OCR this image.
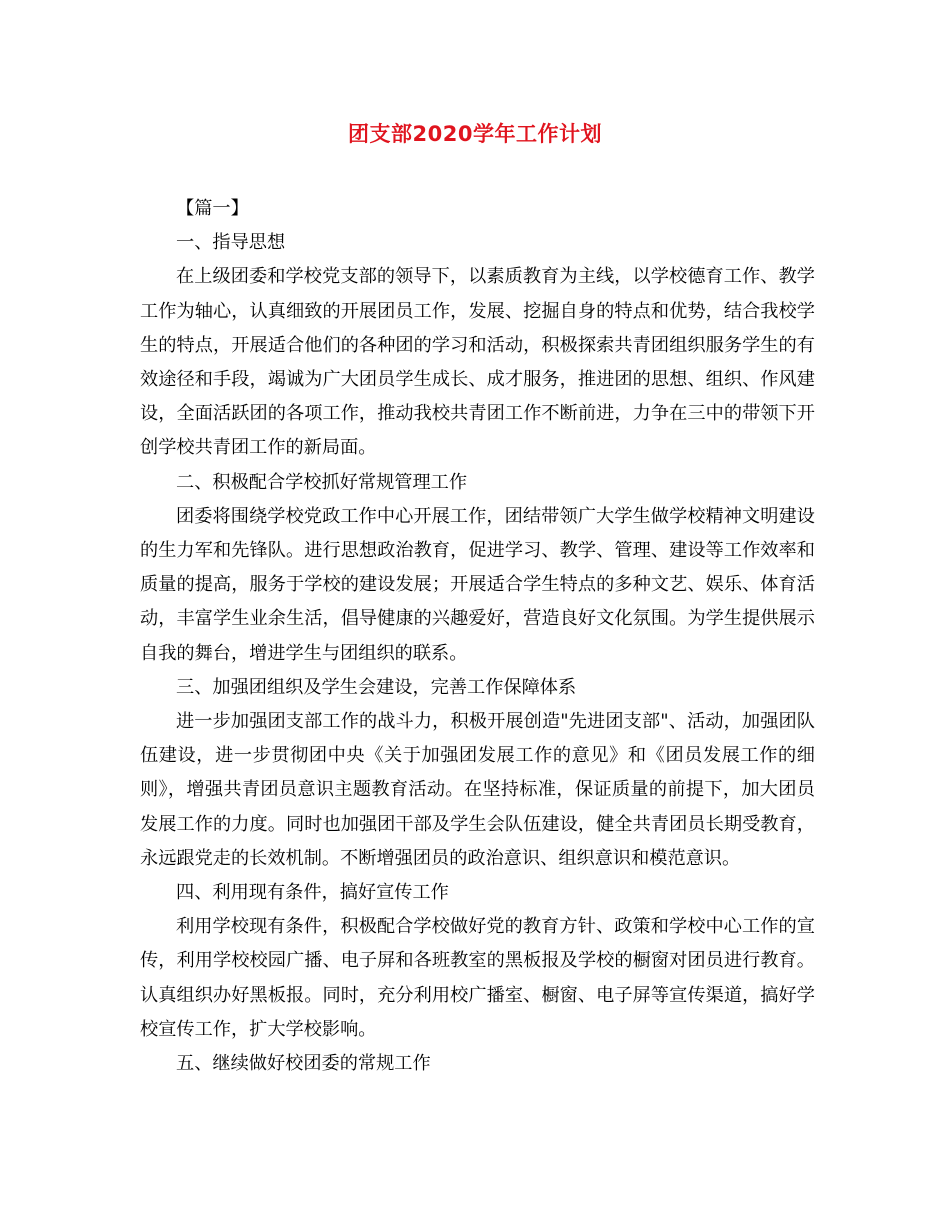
团支部2020学年工作计划

【篇一】

一、指导思想

在上级团委和学校党支部的领导下，以素质教育为主线，以学校德育工作、教学工作为轴心，认真细致的开展团员工作，发展、挖掘自身的特点和优势，结合我校学生的特点，开展适合他们的各种团的学习和活动，积极探索共青团组织服务学生的有效途径和手段，竭诚为广大团员学生成长、成才服务，推进团的思想、组织、作风建设，全面活跃团的各项工作，推动我校共青团工作不断前进，力争在三中的带领下开创学校共青团工作的新局面。

二、积极配合学校抓好常规管理工作

团委将围绕学校党政工作中心开展工作，团结带领广大学生做学校精神文明建设的生力军和先锋队。进行思想政治教育，促进学习、教学、管理、建设等工作效率和质量的提高，服务于学校的建设发展；开展适合学生特点的多种文艺、娱乐、体育活动，丰富学生业余生活，倡导健康的兴趣爱好，营造良好文化氛围。为学生提供展示自我的舞台，增进学生与团组织的联系。

三、加强团组织及学生会建设，完善工作保障体系

进一步加强团支部工作的战斗力，积极开展创造"先进团支部"、活动，加强团队伍建设，进一步贯彻团中央《关于加强团发展工作的意见》和《团员发展工作的细则》，增强共青团员意识主题教育活动。在坚持标准，保证质量的前提下，加大团员发展工作的力度。同时也加强团干部及学生会队伍建设，健全共青团员长期受教育，永远跟党走的长效机制。不断增强团员的政治意识、组织意识和模范意识。

四、利用现有条件，搞好宣传工作

利用学校现有条件，积极配合学校做好党的教育方针、政策和学校中心工作的宣传，利用学校校园广播、电子屏和各班教室的黑板报及学校的橱窗对团员进行教育。认真组织办好黑板报。同时，充分利用校广播室、橱窗、电子屏等宣传渠道，搞好学校宣传工作，扩大学校影响。

五、继续做好校团委的常规工作
